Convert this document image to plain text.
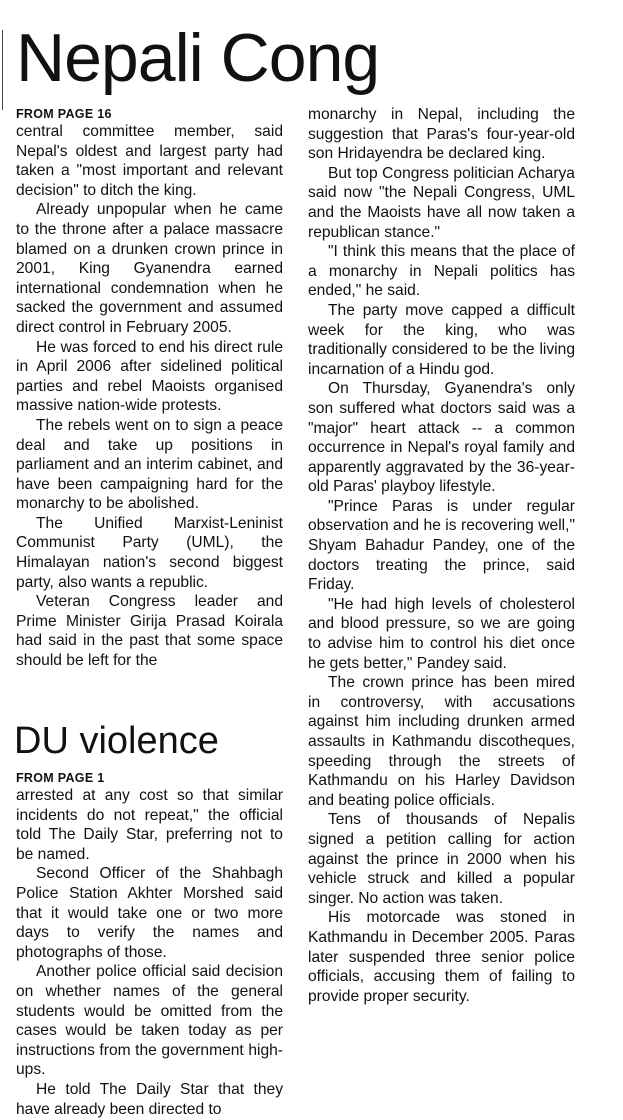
Nepali Cong

FROM PAGE 16

central committee member, said Nepal's oldest and largest party had taken a "most important and relevant decision" to ditch the king.

Already unpopular when he came to the throne after a palace massacre blamed on a drunken crown prince in 2001, King Gyanendra earned international condemnation when he sacked the government and assumed direct control in February 2005.

He was forced to end his direct rule in April 2006 after sidelined political parties and rebel Maoists organised massive nation-wide protests.

The rebels went on to sign a peace deal and take up positions in parliament and an interim cabinet, and have been campaigning hard for the monarchy to be abolished.

The Unified Marxist-Leninist Communist Party (UML), the Himalayan nation's second biggest party, also wants a republic.

Veteran Congress leader and Prime Minister Girija Prasad Koirala had said in the past that some space should be left for the

DU violence

FROM PAGE 1

arrested at any cost so that similar incidents do not repeat," the official told The Daily Star, preferring not to be named.

Second Officer of the Shahbagh Police Station Akhter Morshed said that it would take one or two more days to verify the names and photographs of those.

Another police official said decision on whether names of the general students would be omitted from the cases would be taken today as per instructions from the government high-ups.

He told The Daily Star that they have already been directed to

monarchy in Nepal, including the suggestion that Paras's four-year-old son Hridayendra be declared king.

But top Congress politician Acharya said now "the Nepali Congress, UML and the Maoists have all now taken a republican stance."

"I think this means that the place of a monarchy in Nepali politics has ended," he said.

The party move capped a difficult week for the king, who was traditionally considered to be the living incarnation of a Hindu god.

On Thursday, Gyanendra's only son suffered what doctors said was a "major" heart attack -- a common occurrence in Nepal's royal family and apparently aggravated by the 36-year-old Paras' playboy lifestyle.

"Prince Paras is under regular observation and he is recovering well," Shyam Bahadur Pandey, one of the doctors treating the prince, said Friday.

"He had high levels of cholesterol and blood pressure, so we are going to advise him to control his diet once he gets better," Pandey said.

The crown prince has been mired in controversy, with accusations against him including drunken armed assaults in Kathmandu discotheques, speeding through the streets of Kathmandu on his Harley Davidson and beating police officials.

Tens of thousands of Nepalis signed a petition calling for action against the prince in 2000 when his vehicle struck and killed a popular singer. No action was taken.

His motorcade was stoned in Kathmandu in December 2005. Paras later suspended three senior police officials, accusing them of failing to provide proper security.
